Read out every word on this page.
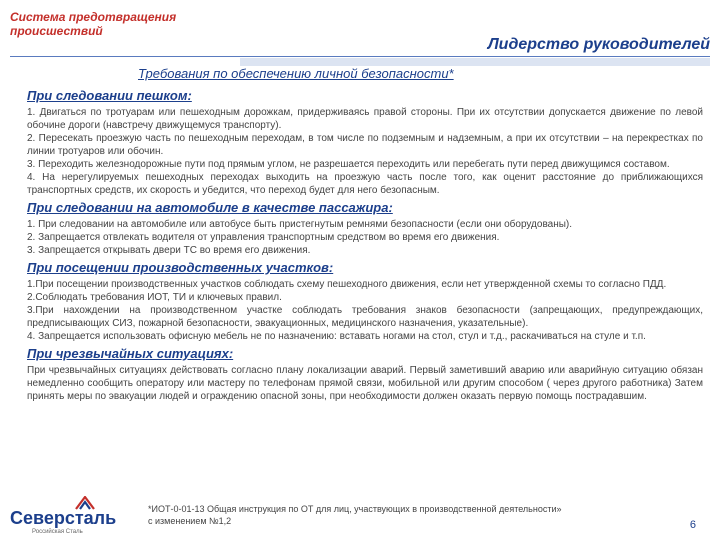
Система предотвращения
происшествий
Лидерство руководителей
Требования по обеспечению личной безопасности*
При следовании пешком:

1. Двигаться по тротуарам или пешеходным дорожкам, придерживаясь правой стороны. При их отсутствии допускается движение по левой обочине дороги (навстречу движущемуся транспорту).

2. Пересекать проезжую часть по пешеходным переходам, в том числе по подземным и надземным, а при их отсутствии – на перекрестках по линии тротуаров или обочин.

3. Переходить железнодорожные пути под прямым углом, не разрешается переходить или перебегать пути перед движущимся составом.

4. На нерегулируемых пешеходных переходах выходить на проезжую часть после того, как оценит расстояние до приближающихся транспортных средств, их скорость и убедится, что переход будет для него безопасным.

При следовании на автомобиле в качестве пассажира:

1. При следовании на автомобиле или автобусе быть пристегнутым ремнями безопасности (если они оборудованы).

2. Запрещается отвлекать водителя от управления транспортным средством во время его движения.

3. Запрещается открывать двери ТС во время его движения.

При посещении производственных участков:

1.При посещении производственных участков соблюдать схему пешеходного движения, если нет утвержденной схемы то согласно ПДД.

2.Соблюдать требования ИОТ, ТИ и ключевых правил.

3.При нахождении на производственном участке соблюдать требования знаков безопасности (запрещающих, предупреждающих, предписывающих СИЗ, пожарной безопасности, эвакуационных, медицинского назначения, указательные).

4. Запрещается использовать офисную мебель не по назначению: вставать ногами на стол, стул и т.д., раскачиваться на стуле и т.п.

При чрезвычайных ситуациях:

При чрезвычайных ситуациях действовать согласно плану локализации аварий. Первый заметивший аварию или аварийную ситуацию обязан немедленно сообщить оператору или мастеру по телефонам прямой связи, мобильной или другим способом ( через другого работника) Затем принять меры по эвакуации людей и ограждению опасной зоны, при необходимости должен оказать первую помощь пострадавшим.

Северсталь
Российская Сталь
*ИОТ-0-01-13 Общая инструкция по ОТ для лиц, участвующих в производственной деятельности»
с изменением №1,2	6
